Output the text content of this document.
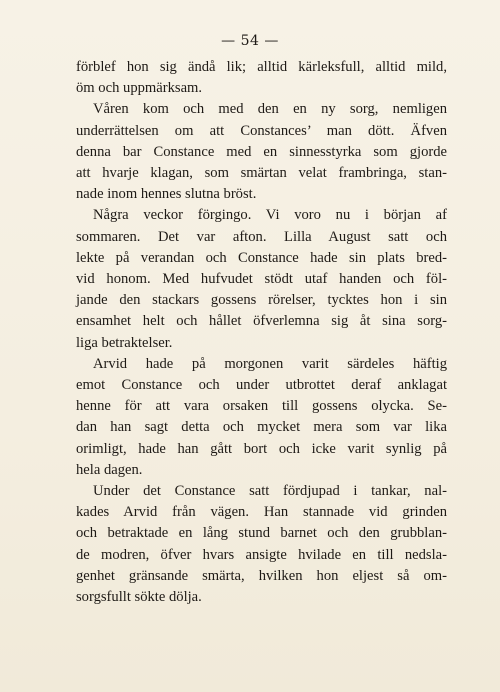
— 54 —
förblef hon sig ändå lik; alltid kärleksfull, alltid mild,
öm och uppmärksam.
Våren kom och med den en ny sorg, nemligen
underrättelsen om att Constances’ man dött. Äfven
denna bar Constance med en sinnesstyrka som gjorde
att hvarje klagan, som smärtan velat frambringa, stan-
nade inom hennes slutna bröst.
Några veckor förgingo. Vi voro nu i början af
sommaren. Det var afton. Lilla August satt och
lekte på verandan och Constance hade sin plats bred-
vid honom. Med hufvudet stödt utaf handen och föl-
jande den stackars gossens rörelser, tycktes hon i sin
ensamhet helt och hållet öfverlemna sig åt sina sorg-
liga betraktelser.
Arvid hade på morgonen varit särdeles häftig
emot Constance och under utbrottet deraf anklagat
henne för att vara orsaken till gossens olycka. Se-
dan han sagt detta och mycket mera som var lika
orimligt, hade han gått bort och icke varit synlig på
hela dagen.
Under det Constance satt fördjupad i tankar, nal-
kades Arvid från vägen. Han stannade vid grinden
och betraktade en lång stund barnet och den grubblan-
de modren, öfver hvars ansigte hvilade en till nedsla-
genhet gränsande smärta, hvilken hon eljest så om-
sorgsfullt sökte dölja.
